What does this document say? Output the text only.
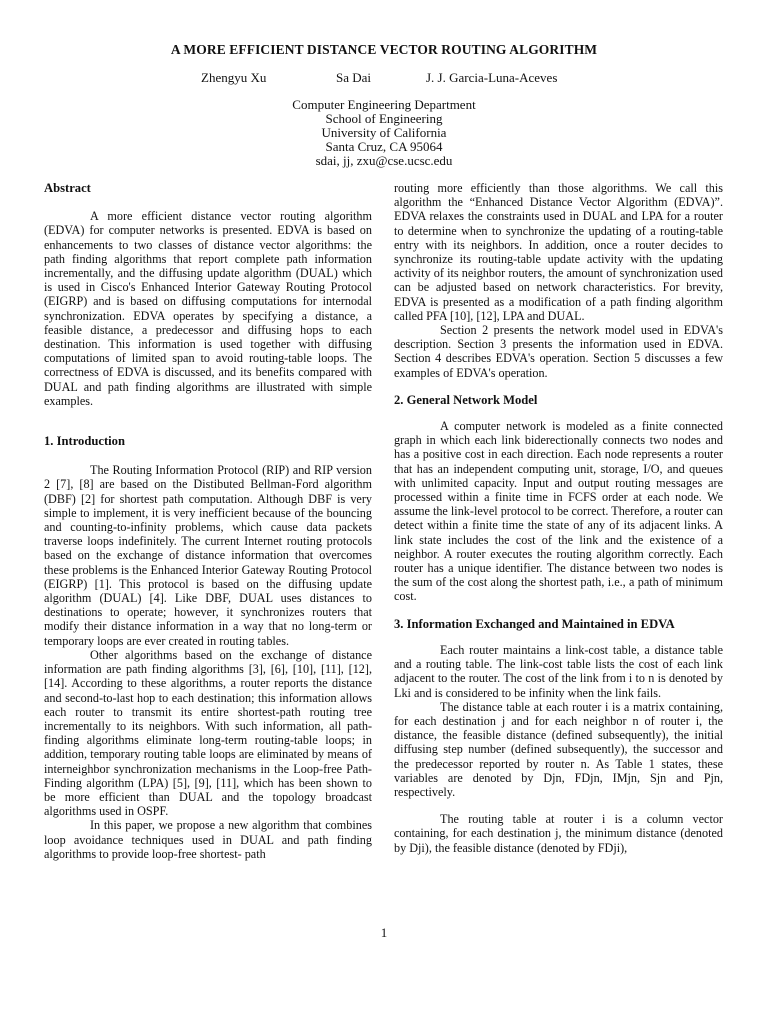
A MORE EFFICIENT DISTANCE VECTOR ROUTING ALGORITHM
Zhengyu Xu	Sa Dai	J. J. Garcia-Luna-Aceves
Computer Engineering Department
School of Engineering
University of California
Santa Cruz, CA 95064
sdai, jj, zxu@cse.ucsc.edu

Abstract

A more efficient distance vector routing algorithm (EDVA) for computer networks is presented. EDVA is based on enhancements to two classes of distance vector algorithms: the path finding algorithms that report complete path information incrementally, and the diffusing update algorithm (DUAL) which is used in Cisco's Enhanced Interior Gateway Routing Protocol (EIGRP) and is based on diffusing computations for internodal synchronization. EDVA operates by specifying a distance, a feasible distance, a predecessor and diffusing hops to each destination. This information is used together with diffusing computations of limited span to avoid routing-table loops. The correctness of EDVA is discussed, and its benefits compared with DUAL and path finding algorithms are illustrated with simple examples.

1. Introduction

The Routing Information Protocol (RIP) and RIP version 2 [7], [8] are based on the Distibuted Bellman-Ford algorithm (DBF) [2] for shortest path computation. Although DBF is very simple to implement, it is very inefficient because of the bouncing and counting-to-infinity problems, which cause data packets traverse loops indefinitely. The current Internet routing protocols based on the exchange of distance information that overcomes these problems is the Enhanced Interior Gateway Routing Protocol (EIGRP) [1]. This protocol is based on the diffusing update algorithm (DUAL) [4]. Like DBF, DUAL uses distances to destinations to operate; however, it synchronizes routers that modify their distance information in a way that no long-term or temporary loops are ever created in routing tables.

Other algorithms based on the exchange of distance information are path finding algorithms [3], [6], [10], [11], [12], [14]. According to these algorithms, a router reports the distance and second-to-last hop to each destination; this information allows each router to transmit its entire shortest-path routing tree incrementally to its neighbors. With such information, all path-finding algorithms eliminate long-term routing-table loops; in addition, temporary routing table loops are eliminated by means of interneighbor synchronization mechanisms in the Loop-free Path-Finding algorithm (LPA) [5], [9], [11], which has been shown to be more efficient than DUAL and the topology broadcast algorithms used in OSPF.

In this paper, we propose a new algorithm that combines loop avoidance techniques used in DUAL and path finding algorithms to provide loop-free shortest- path

routing more efficiently than those algorithms. We call this algorithm the “Enhanced Distance Vector Algorithm (EDVA)”. EDVA relaxes the constraints used in DUAL and LPA for a router to determine when to synchronize the updating of a routing-table entry with its neighbors. In addition, once a router decides to synchronize its routing-table update activity with the updating activity of its neighbor routers, the amount of synchronization used can be adjusted based on network characteristics. For brevity, EDVA is presented as a modification of a path finding algorithm called PFA [10], [12], LPA and DUAL.

Section 2 presents the network model used in EDVA's description. Section 3 presents the information used in EDVA. Section 4 describes EDVA's operation. Section 5 discusses a few examples of EDVA's operation.

2. General Network Model

A computer network is modeled as a finite connected graph in which each link biderectionally connects two nodes and has a positive cost in each direction. Each node represents a router that has an independent computing unit, storage, I/O, and queues with unlimited capacity. Input and output routing messages are processed within a finite time in FCFS order at each node. We assume the link-level protocol to be correct. Therefore, a router can detect within a finite time the state of any of its adjacent links. A link state includes the cost of the link and the existence of a neighbor. A router executes the routing algorithm correctly. Each router has a unique identifier. The distance between two nodes is the sum of the cost along the shortest path, i.e., a path of minimum cost.

3. Information Exchanged and Maintained in EDVA

Each router maintains a link-cost table, a distance table and a routing table. The link-cost table lists the cost of each link adjacent to the router. The cost of the link from i to n is denoted by Lki and is considered to be infinity when the link fails.

The distance table at each router i is a matrix containing, for each destination j and for each neighbor n of router i, the distance, the feasible distance (defined subsequently), the initial diffusing step number (defined subsequently), the successor and the predecessor reported by router n. As Table 1 states, these variables are denoted by Djn, FDjn, IMjn, Sjn and Pjn, respectively.

The routing table at router i is a column vector containing, for each destination j, the minimum distance (denoted by Dji), the feasible distance (denoted by FDji),

1
